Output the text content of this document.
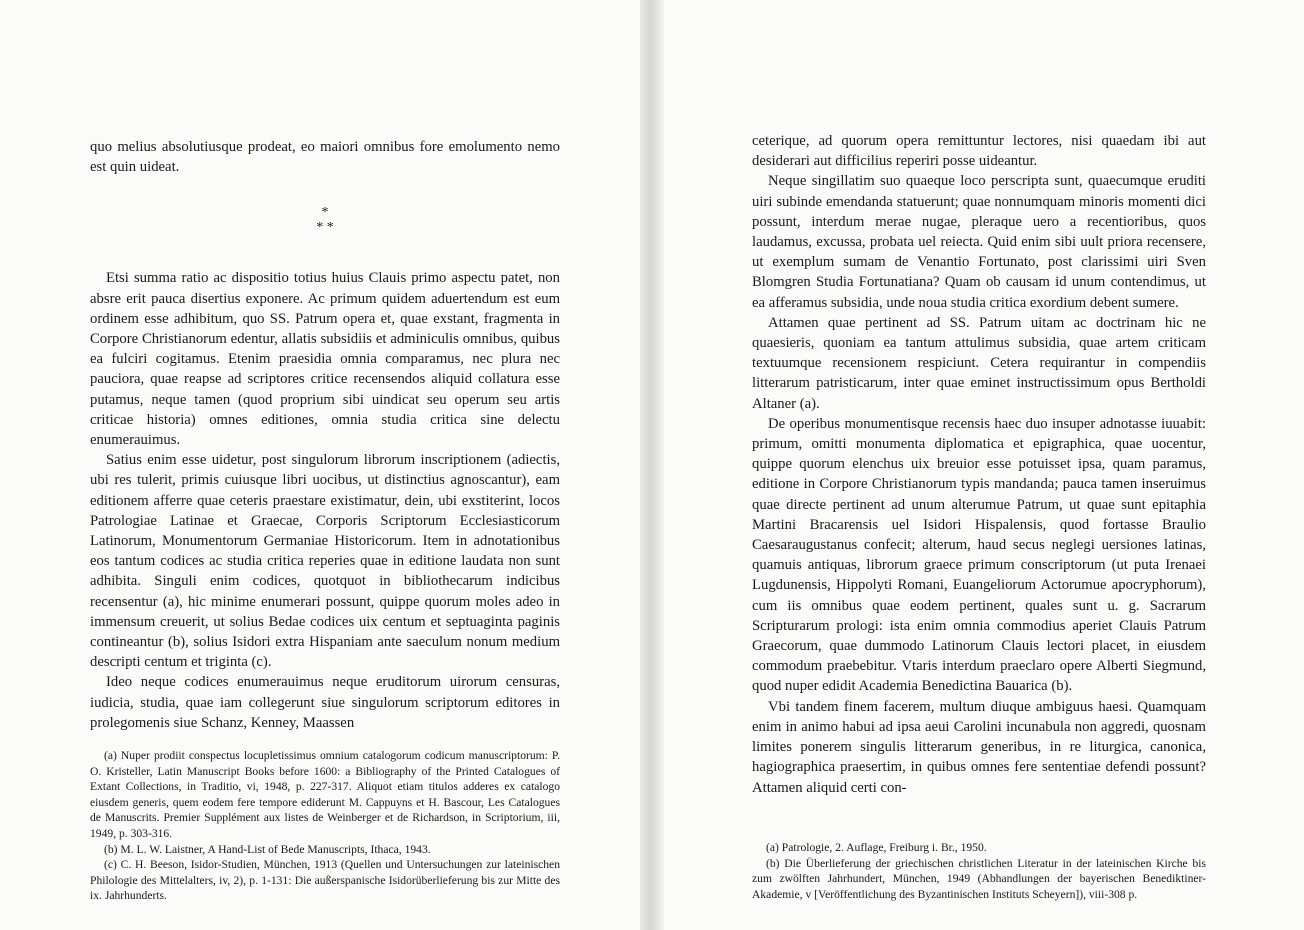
quo melius absolutiusque prodeat, eo maiori omnibus fore emolumento nemo est quin uideat.

*
* *

Etsi summa ratio ac dispositio totius huius Clauis primo aspectu patet, non absre erit pauca disertius exponere. Ac primum quidem aduertendum est eum ordinem esse adhibitum, quo SS. Patrum opera et, quae exstant, fragmenta in Corpore Christianorum edentur, allatis subsidiis et adminiculis omnibus, quibus ea fulciri cogitamus. Etenim praesidia omnia comparamus, nec plura nec pauciora, quae reapse ad scriptores critice recensendos aliquid collatura esse putamus, neque tamen (quod proprium sibi uindicat seu operum seu artis criticae historia) omnes editiones, omnia studia critica sine delectu enumerauimus.

Satius enim esse uidetur, post singulorum librorum inscriptionem (adiectis, ubi res tulerit, primis cuiusque libri uocibus, ut distinctius agnoscantur), eam editionem afferre quae ceteris praestare existimatur, dein, ubi exstiterint, locos Patrologiae Latinae et Graecae, Corporis Scriptorum Ecclesiasticorum Latinorum, Monumentorum Germaniae Historicorum. Item in adnotationibus eos tantum codices ac studia critica reperies quae in editione laudata non sunt adhibita. Singuli enim codices, quotquot in bibliothecarum indicibus recensentur (a), hic minime enumerari possunt, quippe quorum moles adeo in immensum creuerit, ut solius Bedae codices uix centum et septuaginta paginis contineantur (b), solius Isidori extra Hispaniam ante saeculum nonum medium descripti centum et triginta (c).

Ideo neque codices enumerauimus neque eruditorum uirorum censuras, iudicia, studia, quae iam collegerunt siue singulorum scriptorum editores in prolegomenis siue Schanz, Kenney, Maassen

(a) Nuper prodiit conspectus locupletissimus omnium catalogorum codicum manuscriptorum: P. O. Kristeller, Latin Manuscript Books before 1600: a Bibliography of the Printed Catalogues of Extant Collections, in Traditio, vi, 1948, p. 227-317. Aliquot etiam titulos adderes ex catalogo eiusdem generis, quem eodem fere tempore ediderunt M. Cappuyns et H. Bascour, Les Catalogues de Manuscrits. Premier Supplément aux listes de Weinberger et de Richardson, in Scriptorium, iii, 1949, p. 303-316.

(b) M. L. W. Laistner, A Hand-List of Bede Manuscripts, Ithaca, 1943.

(c) C. H. Beeson, Isidor-Studien, München, 1913 (Quellen und Untersuchungen zur lateinischen Philologie des Mittelalters, iv, 2), p. 1-131: Die außerspanische Isidorüberlieferung bis zur Mitte des ix. Jahrhunderts.

ceterique, ad quorum opera remittuntur lectores, nisi quaedam ibi aut desiderari aut difficilius reperiri posse uideantur.

Neque singillatim suo quaeque loco perscripta sunt, quaecumque eruditi uiri subinde emendanda statuerunt; quae nonnumquam minoris momenti dici possunt, interdum merae nugae, pleraque uero a recentioribus, quos laudamus, excussa, probata uel reiecta. Quid enim sibi uult priora recensere, ut exemplum sumam de Venantio Fortunato, post clarissimi uiri Sven Blomgren Studia Fortunatiana? Quam ob causam id unum contendimus, ut ea afferamus subsidia, unde noua studia critica exordium debent sumere.

Attamen quae pertinent ad SS. Patrum uitam ac doctrinam hic ne quaesieris, quoniam ea tantum attulimus subsidia, quae artem criticam textuumque recensionem respiciunt. Cetera requirantur in compendiis litterarum patristicarum, inter quae eminet instructissimum opus Bertholdi Altaner (a).

De operibus monumentisque recensis haec duo insuper adnotasse iuuabit: primum, omitti monumenta diplomatica et epigraphica, quae uocentur, quippe quorum elenchus uix breuior esse potuisset ipsa, quam paramus, editione in Corpore Christianorum typis mandanda; pauca tamen inseruimus quae directe pertinent ad unum alterumue Patrum, ut quae sunt epitaphia Martini Bracarensis uel Isidori Hispalensis, quod fortasse Braulio Caesaraugustanus confecit; alterum, haud secus neglegi uersiones latinas, quamuis antiquas, librorum graece primum conscriptorum (ut puta Irenaei Lugdunensis, Hippolyti Romani, Euangeliorum Actorumue apocryphorum), cum iis omnibus quae eodem pertinent, quales sunt u. g. Sacrarum Scripturarum prologi: ista enim omnia commodius aperiet Clauis Patrum Graecorum, quae dummodo Latinorum Clauis lectori placet, in eiusdem commodum praebebitur. Vtaris interdum praeclaro opere Alberti Siegmund, quod nuper edidit Academia Benedictina Bauarica (b).

Vbi tandem finem facerem, multum diuque ambiguus haesi. Quamquam enim in animo habui ad ipsa aeui Carolini incunabula non aggredi, quosnam limites ponerem singulis litterarum generibus, in re liturgica, canonica, hagiographica praesertim, in quibus omnes fere sententiae defendi possunt? Attamen aliquid certi con-

(a) Patrologie, 2. Auflage, Freiburg i. Br., 1950.

(b) Die Überlieferung der griechischen christlichen Literatur in der lateinischen Kirche bis zum zwölften Jahrhundert, München, 1949 (Abhandlungen der bayerischen Benediktiner-Akademie, v [Veröffentlichung des Byzantinischen Instituts Scheyern]), viii-308 p.
